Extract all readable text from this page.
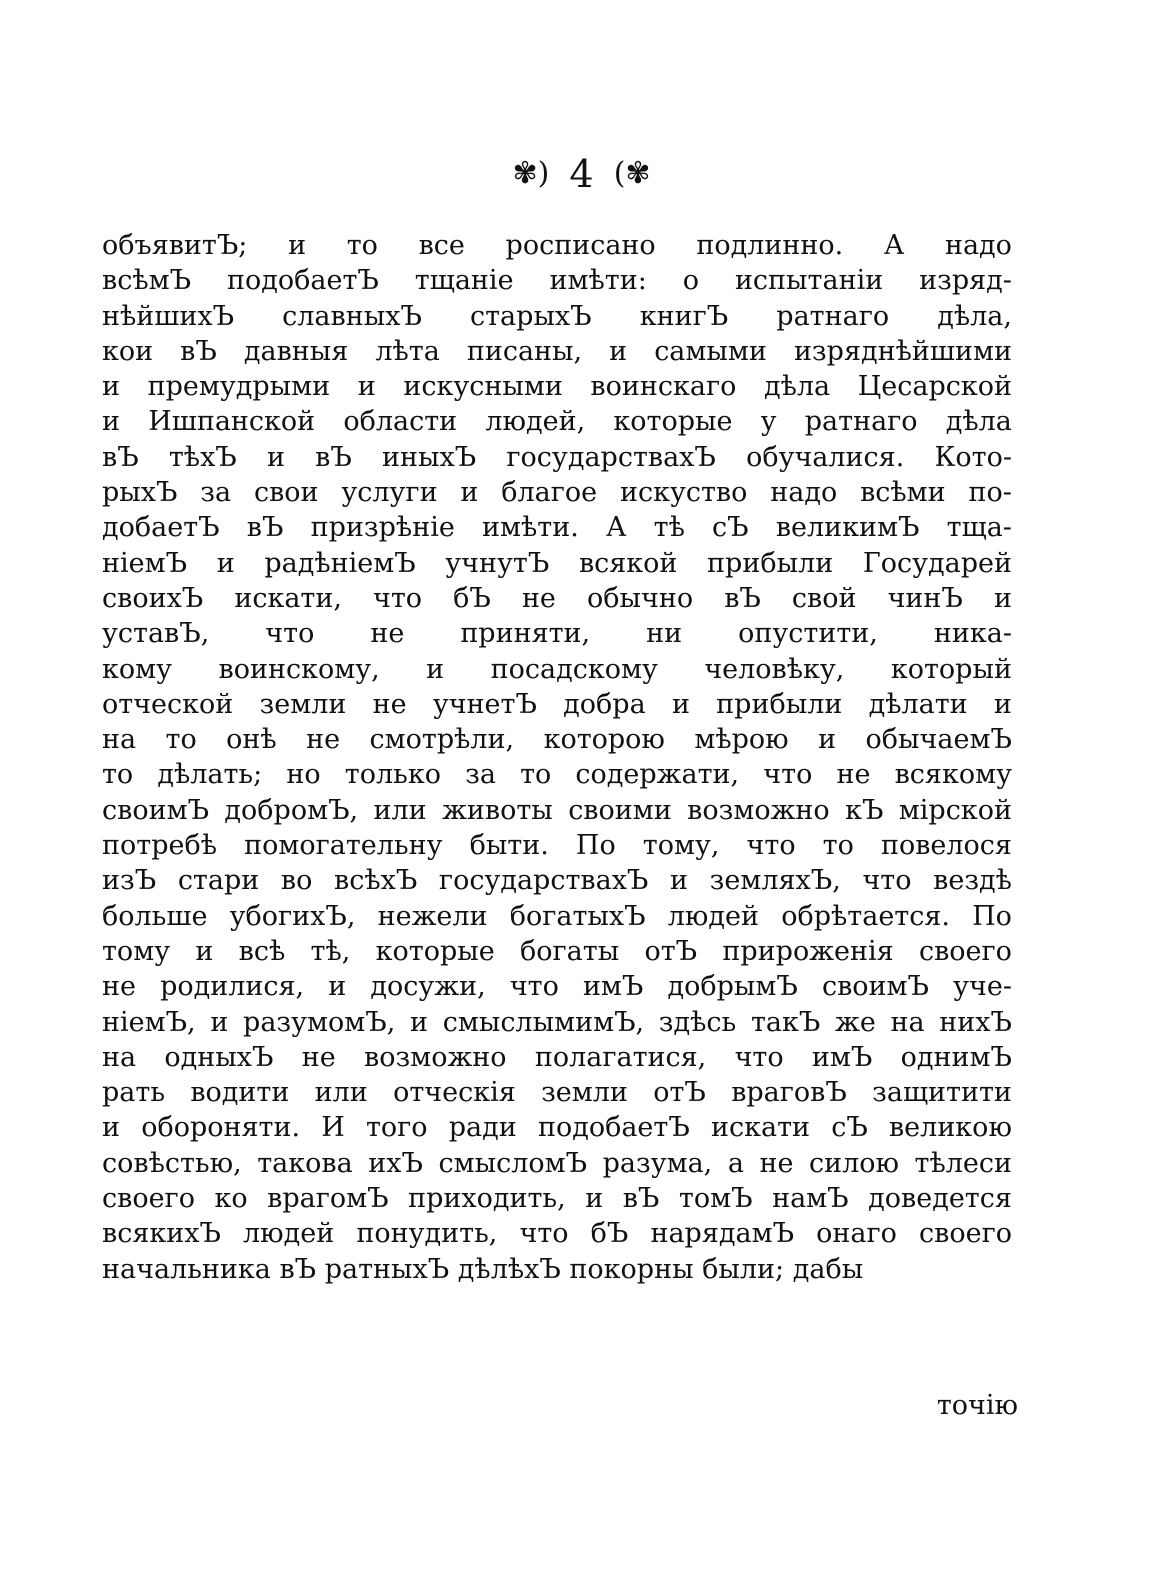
✾) 4 (✾
объявитЪ; и то все росписано подлинно. А надо
всѣмЪ подобаетЪ тщанiе имѣти: о испытанiи изряд-
нѣйшихЪ славныхЪ старыхЪ книгЪ ратнаго дѣла,
кои вЪ давныя лѣта писаны, и самыми изряднѣйшими
и премудрыми и искусными воинскаго дѣла Цесарской
и Ишпанской области людей, которые у ратнаго дѣла
вЪ тѣхЪ и вЪ иныхЪ государствахЪ обучалися. Кото-
рыхЪ за свои услуги и благое искуство надо всѣми по-
добаетЪ вЪ призрѣнiе имѣти. А тѣ сЪ великимЪ тща-
нiемЪ и радѣнiемЪ учнутЪ всякой прибыли Государей
своихЪ искати, что бЪ не обычно вЪ свой чинЪ и
уставЪ, что не приняти, ни опустити, ника-
кому воинскому, и посадскому человѣку, который
отческой земли не учнетЪ добра и прибыли дѣлати и
на то онѣ не смотрѣли, которою мѣрою и обычаемЪ
то дѣлать; но только за то содержати, что не всякому
своимЪ добромЪ, или животы своими возможно кЪ мiрской
потребѣ помогательну быти. По тому, что то повелося
изЪ стари во всѣхЪ государствахЪ и земляхЪ, что вездѣ
больше убогихЪ, нежели богатыхЪ людей обрѣтается. По
тому и всѣ тѣ, которые богаты отЪ прироженiя своего
не родилися, и досужи, что имЪ добрымЪ своимЪ уче-
нiемЪ, и разумомЪ, и смыслымимЪ, здѣсь такЪ же на нихЪ
на одныхЪ не возможно полагатися, что имЪ однимЪ
рать водити или отческiя земли отЪ враговЪ защитити
и обороняти. И того ради подобаетЪ искати сЪ великою
совѣстью, такова ихЪ смысломЪ разума, а не силою тѣлеси
своего ко врагомЪ приходить, и вЪ томЪ намЪ доведется
всякихЪ людей понудить, что бЪ нарядамЪ онаго своего
начальника
вЪ
ратныхЪ
дѣлѣхЪ
покорны
были;
дабы
точiю
